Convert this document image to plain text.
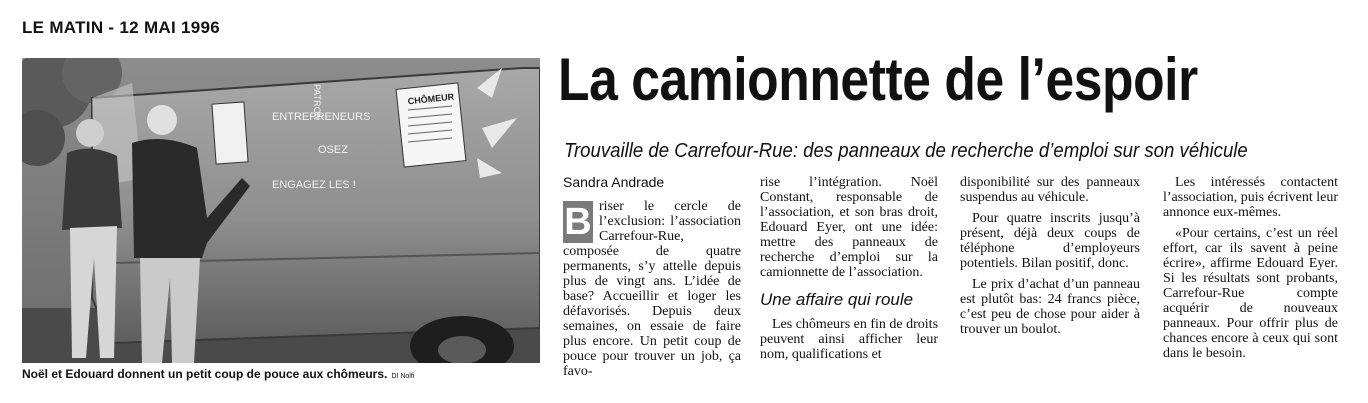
LE MATIN - 12 MAI 1996
ENTREPRENEURS
OSEZ
ENGAGEZ LES !
PATRON	CHÔMEUR
Noël et Edouard donnent un petit coup de pouce aux chômeurs. DI Nolfi
La camionnette de l’espoir
Trouvaille de Carrefour-Rue: des panneaux de recherche d’emploi sur son véhicule
Sandra Andrade

B riser le cercle de l’exclusion: l’association Carrefour-Rue, composée de quatre permanents, s’y attelle depuis plus de vingt ans. L’idée de base? Accueillir et loger les défavorisés. Depuis deux semaines, on essaie de faire plus encore. Un petit coup de pouce pour trouver un job, ça favo-

rise l’intégration. Noël Constant, responsable de l’association, et son bras droit, Edouard Eyer, ont une idée: mettre des panneaux de recherche d’emploi sur la camionnette de l’association.

Une affaire qui roule

Les chômeurs en fin de droits peuvent ainsi afficher leur nom, qualifications et

disponibilité sur des panneaux suspendus au véhicule.

Pour quatre inscrits jusqu’à présent, déjà deux coups de téléphone d’employeurs potentiels. Bilan positif, donc.

Le prix d’achat d’un panneau est plutôt bas: 24 francs pièce, c’est peu de chose pour aider à trouver un boulot.

Les intéressés contactent l’association, puis écrivent leur annonce eux-mêmes.

«Pour certains, c’est un réel effort, car ils savent à peine écrire», affirme Edouard Eyer. Si les résultats sont probants, Carrefour-Rue compte acquérir de nouveaux panneaux. Pour offrir plus de chances encore à ceux qui sont dans le besoin.
